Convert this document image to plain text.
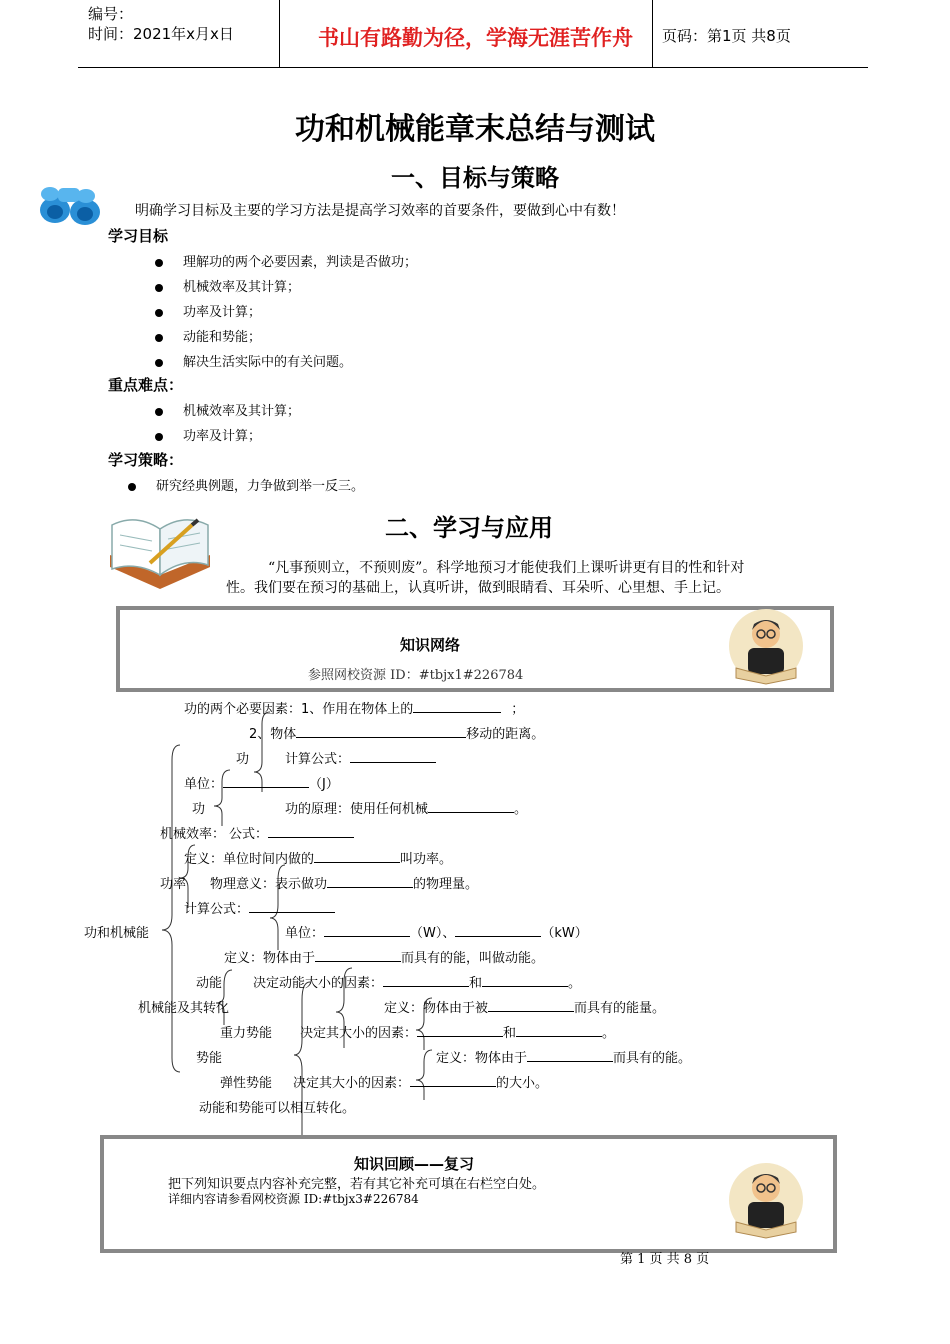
编号：
时间：2021年x月x日	书山有路勤为径，学海无涯苦作舟	页码：第1页 共8页
功和机械能章末总结与测试
一、目标与策略
明确学习目标及主要的学习方法是提高学习效率的首要条件，要做到心中有数！
学习目标
理解功的两个必要因素，判读是否做功；
机械效率及其计算；
功率及计算；
动能和势能；
解决生活实际中的有关问题。
重点难点：
机械效率及其计算；
功率及计算；
学习策略：
研究经典例题，力争做到举一反三。
二、学习与应用
“凡事预则立，不预则废”。科学地预习才能使我们上课听讲更有目的性和针对
性。我们要在预习的基础上，认真听讲，做到眼睛看、耳朵听、心里想、手上记。
知识网络
参照网校资源 ID：#tbjx1#226784
功的两个必要因素：1、作用在物体上的	；
2、物体	移动的距离。
功	计算公式：
单位：	（J）
功	功的原理：使用任何机械	。
机械效率： 公式：
定义：单位时间内做的	叫功率。
功率 物理意义：表示做功	的物理量。
计算公式：
单位：	（W）、	（kW）
功和机械能
定义：物体由于	而具有的能，叫做动能。
动能 决定动能大小的因素：	和	。
机械能及其转化	定义：物体由于被	而具有的能量。
重力势能 决定其大小的因素：	和	。
势能	定义：物体由于	而具有的能。
弹性势能 决定其大小的因素：	的大小。
动能和势能可以相互转化。
知识回顾——复习
把下列知识要点内容补充完整，若有其它补充可填在右栏空白处。
详细内容请参看网校资源 ID:#tbjx3#226784
第 1 页 共 8 页
